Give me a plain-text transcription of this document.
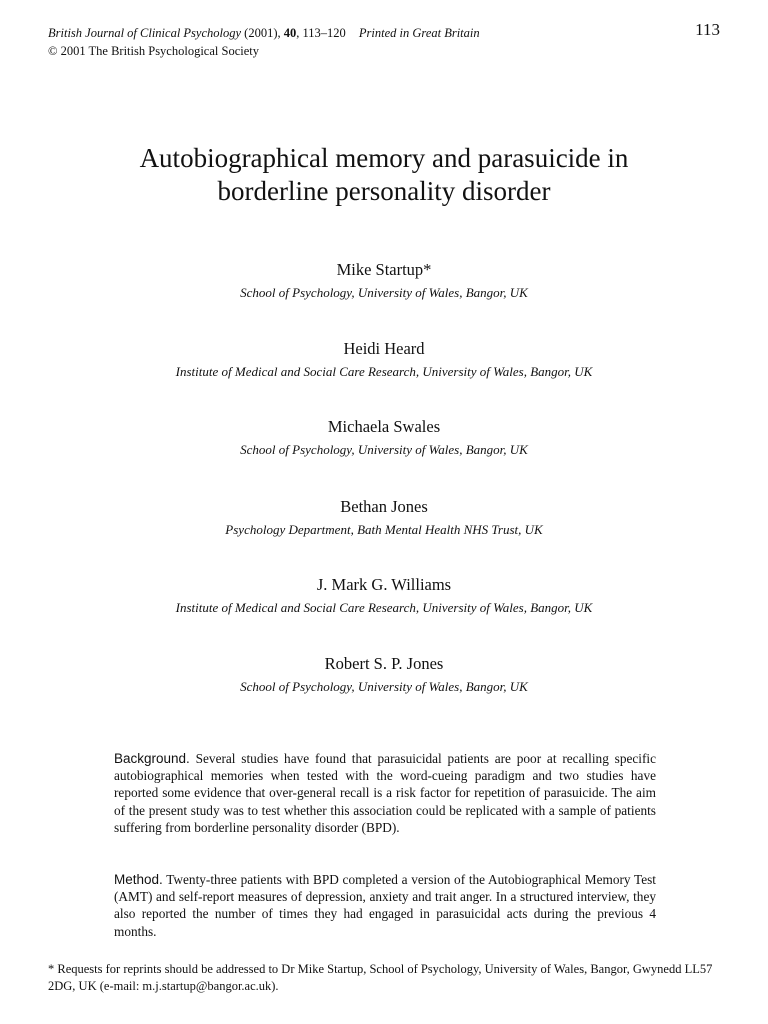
British Journal of Clinical Psychology (2001), 40, 113–120 Printed in Great Britain
© 2001 The British Psychological Society
113
Autobiographical memory and parasuicide in
borderline personality disorder
Mike Startup*
School of Psychology, University of Wales, Bangor, UK
Heidi Heard
Institute of Medical and Social Care Research, University of Wales, Bangor, UK
Michaela Swales
School of Psychology, University of Wales, Bangor, UK
Bethan Jones
Psychology Department, Bath Mental Health NHS Trust, UK
J. Mark G. Williams
Institute of Medical and Social Care Research, University of Wales, Bangor, UK
Robert S. P. Jones
School of Psychology, University of Wales, Bangor, UK
Background. Several studies have found that parasuicidal patients are poor at recalling specific autobiographical memories when tested with the word-cueing paradigm and two studies have reported some evidence that over-general recall is a risk factor for repetition of parasuicide. The aim of the present study was to test whether this association could be replicated with a sample of patients suffering from borderline personality disorder (BPD).
Method. Twenty-three patients with BPD completed a version of the Autobiographical Memory Test (AMT) and self-report measures of depression, anxiety and trait anger. In a structured interview, they also reported the number of times they had engaged in parasuicidal acts during the previous 4 months.
* Requests for reprints should be addressed to Dr Mike Startup, School of Psychology, University of Wales, Bangor, Gwynedd LL57 2DG, UK (e-mail: m.j.startup@bangor.ac.uk).
